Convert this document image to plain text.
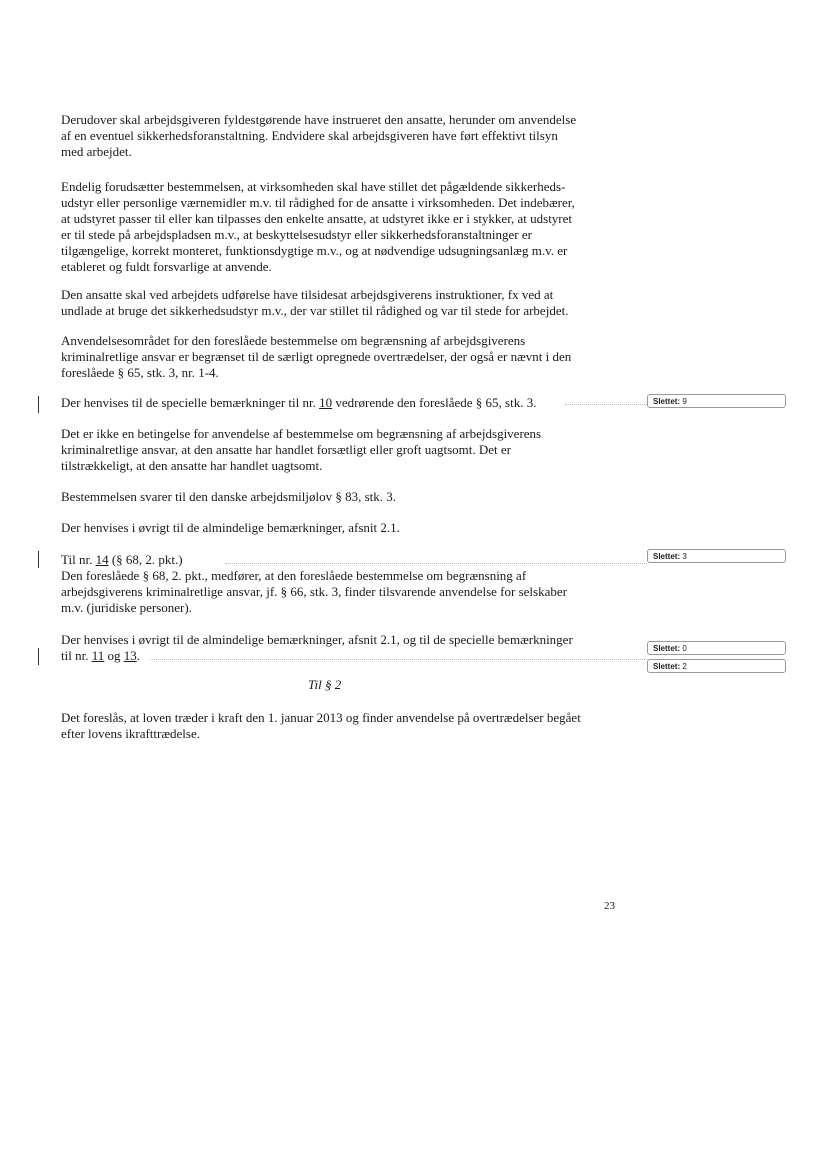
Derudover skal arbejdsgiveren fyldestgørende have instrueret den ansatte, herunder om anvendelse
af en eventuel sikkerhedsforanstaltning. Endvidere skal arbejdsgiveren have ført effektivt tilsyn
med arbejdet.

Endelig forudsætter bestemmelsen, at virksomheden skal have stillet det pågældende sikkerheds-
udstyr eller personlige værnemidler m.v. til rådighed for de ansatte i virksomheden. Det indebærer,
at udstyret passer til eller kan tilpasses den enkelte ansatte, at udstyret ikke er i stykker, at udstyret
er til stede på arbejdspladsen m.v., at beskyttelsesudstyr eller sikkerhedsforanstaltninger er
tilgængelige, korrekt monteret, funktionsdygtige m.v., og at nødvendige udsugningsanlæg m.v. er
etableret og fuldt forsvarlige at anvende.

Den ansatte skal ved arbejdets udførelse have tilsidesat arbejdsgiverens instruktioner, fx ved at
undlade at bruge det sikkerhedsudstyr m.v., der var stillet til rådighed og var til stede for arbejdet.

Anvendelsesområdet for den foreslåede bestemmelse om begrænsning af arbejdsgiverens
kriminalretlige ansvar er begrænset til de særligt opregnede overtrædelser, der også er nævnt i den
foreslåede § 65, stk. 3, nr. 1-4.

Der henvises til de specielle bemærkninger til nr. 10 vedrørende den foreslåede § 65, stk. 3.	Slettet: 9

Det er ikke en betingelse for anvendelse af bestemmelse om begrænsning af arbejdsgiverens
kriminalretlige ansvar, at den ansatte har handlet forsætligt eller groft uagtsomt. Det er
tilstrækkeligt, at den ansatte har handlet uagtsomt.

Bestemmelsen svarer til den danske arbejdsmiljølov § 83, stk. 3.

Der henvises i øvrigt til de almindelige bemærkninger, afsnit 2.1.

Til nr. 14 (§ 68, 2. pkt.)	Slettet: 3

Den foreslåede § 68, 2. pkt., medfører, at den foreslåede bestemmelse om begrænsning af
arbejdsgiverens kriminalretlige ansvar, jf. § 66, stk. 3, finder tilsvarende anvendelse for selskaber
m.v. (juridiske personer).

Der henvises i øvrigt til de almindelige bemærkninger, afsnit 2.1, og til de specielle bemærkninger
til nr. 11 og 13.	Slettet: 0
Slettet: 2
Til § 2

Det foreslås, at loven træder i kraft den 1. januar 2013 og finder anvendelse på overtrædelser begået
efter lovens ikrafttrædelse.

23
